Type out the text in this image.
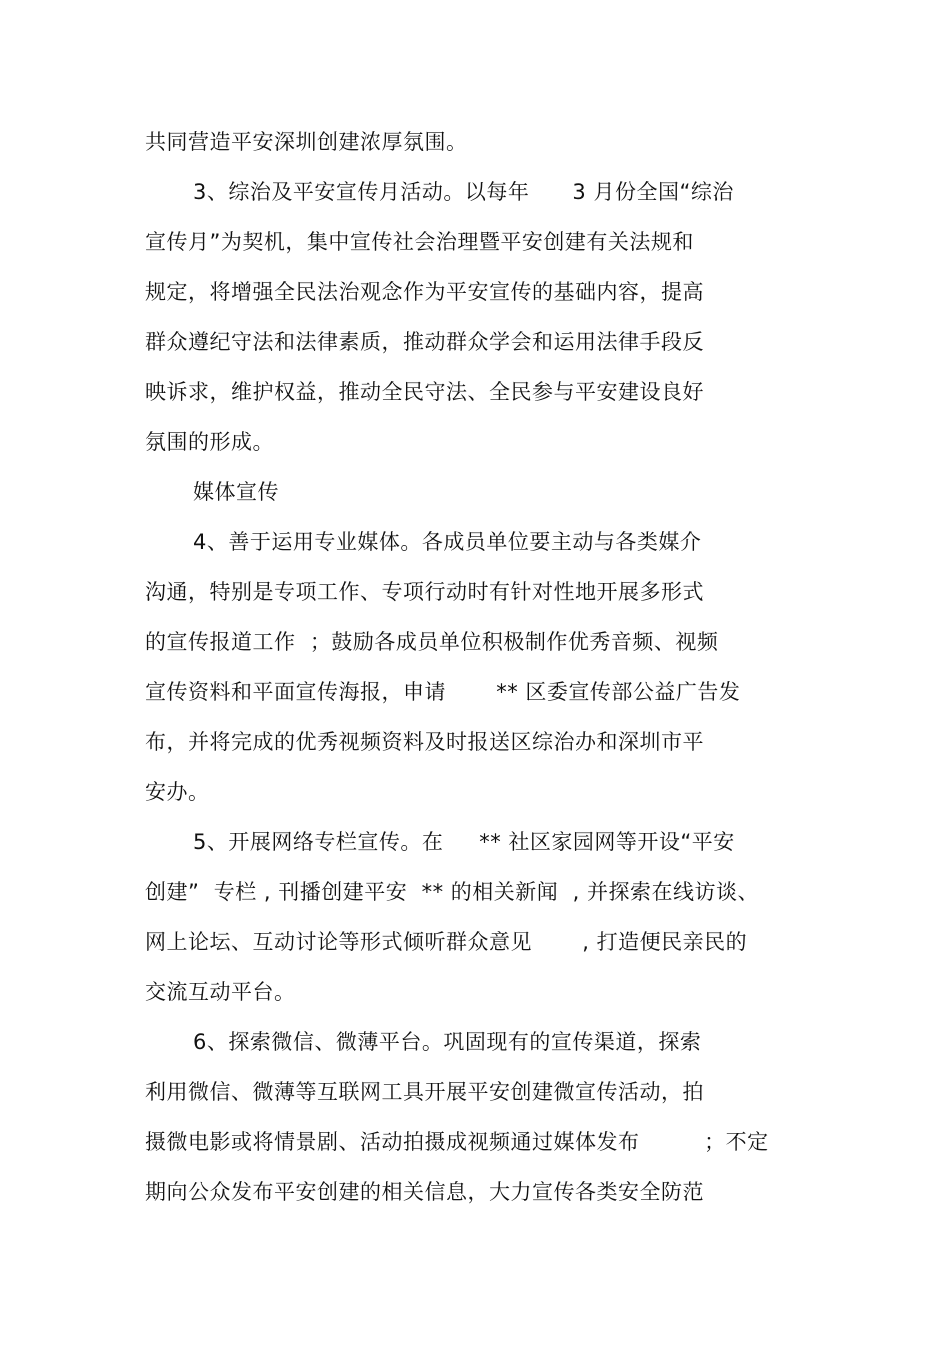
共同营造平安深圳创建浓厚氛围。
3、综治及平安宣传月活动。以每年      3 月份全国“综治
宣传月”为契机，集中宣传社会治理暨平安创建有关法规和
规定，将增强全民法治观念作为平安宣传的基础内容，提高
群众遵纪守法和法律素质，推动群众学会和运用法律手段反
映诉求，维护权益，推动全民守法、全民参与平安建设良好
氛围的形成。
媒体宣传
4、善于运用专业媒体。各成员单位要主动与各类媒介
沟通，特别是专项工作、专项行动时有针对性地开展多形式
的宣传报道工作  ；鼓励各成员单位积极制作优秀音频、视频
宣传资料和平面宣传海报，申请       ** 区委宣传部公益广告发
布，并将完成的优秀视频资料及时报送区综治办和深圳市平
安办。
5、开展网络专栏宣传。在     ** 社区家园网等开设“平安
创建”  专栏 , 刊播创建平安  ** 的相关新闻  , 并探索在线访谈、
网上论坛、互动讨论等形式倾听群众意见       , 打造便民亲民的
交流互动平台。
6、探索微信、微薄平台。巩固现有的宣传渠道，探索
利用微信、微薄等互联网工具开展平安创建微宣传活动，拍
摄微电影或将情景剧、活动拍摄成视频通过媒体发布         ；不定
期向公众发布平安创建的相关信息，大力宣传各类安全防范
